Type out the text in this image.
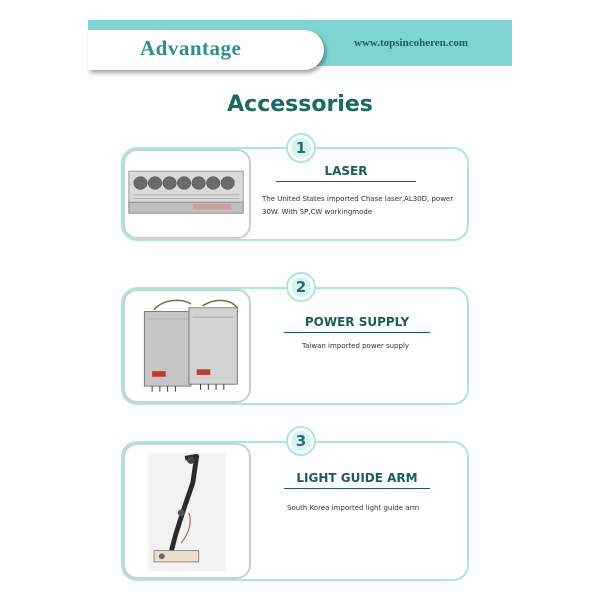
Advantage	www.topsincoheren.com
Accessories
1
LASER
The United States imported Chase laser,AL30D, power 30W. With SP,CW workingmode
2
POWER SUPPLY
Taiwan imported power supply
3
LIGHT GUIDE ARM
South Korea imported light guide arm
